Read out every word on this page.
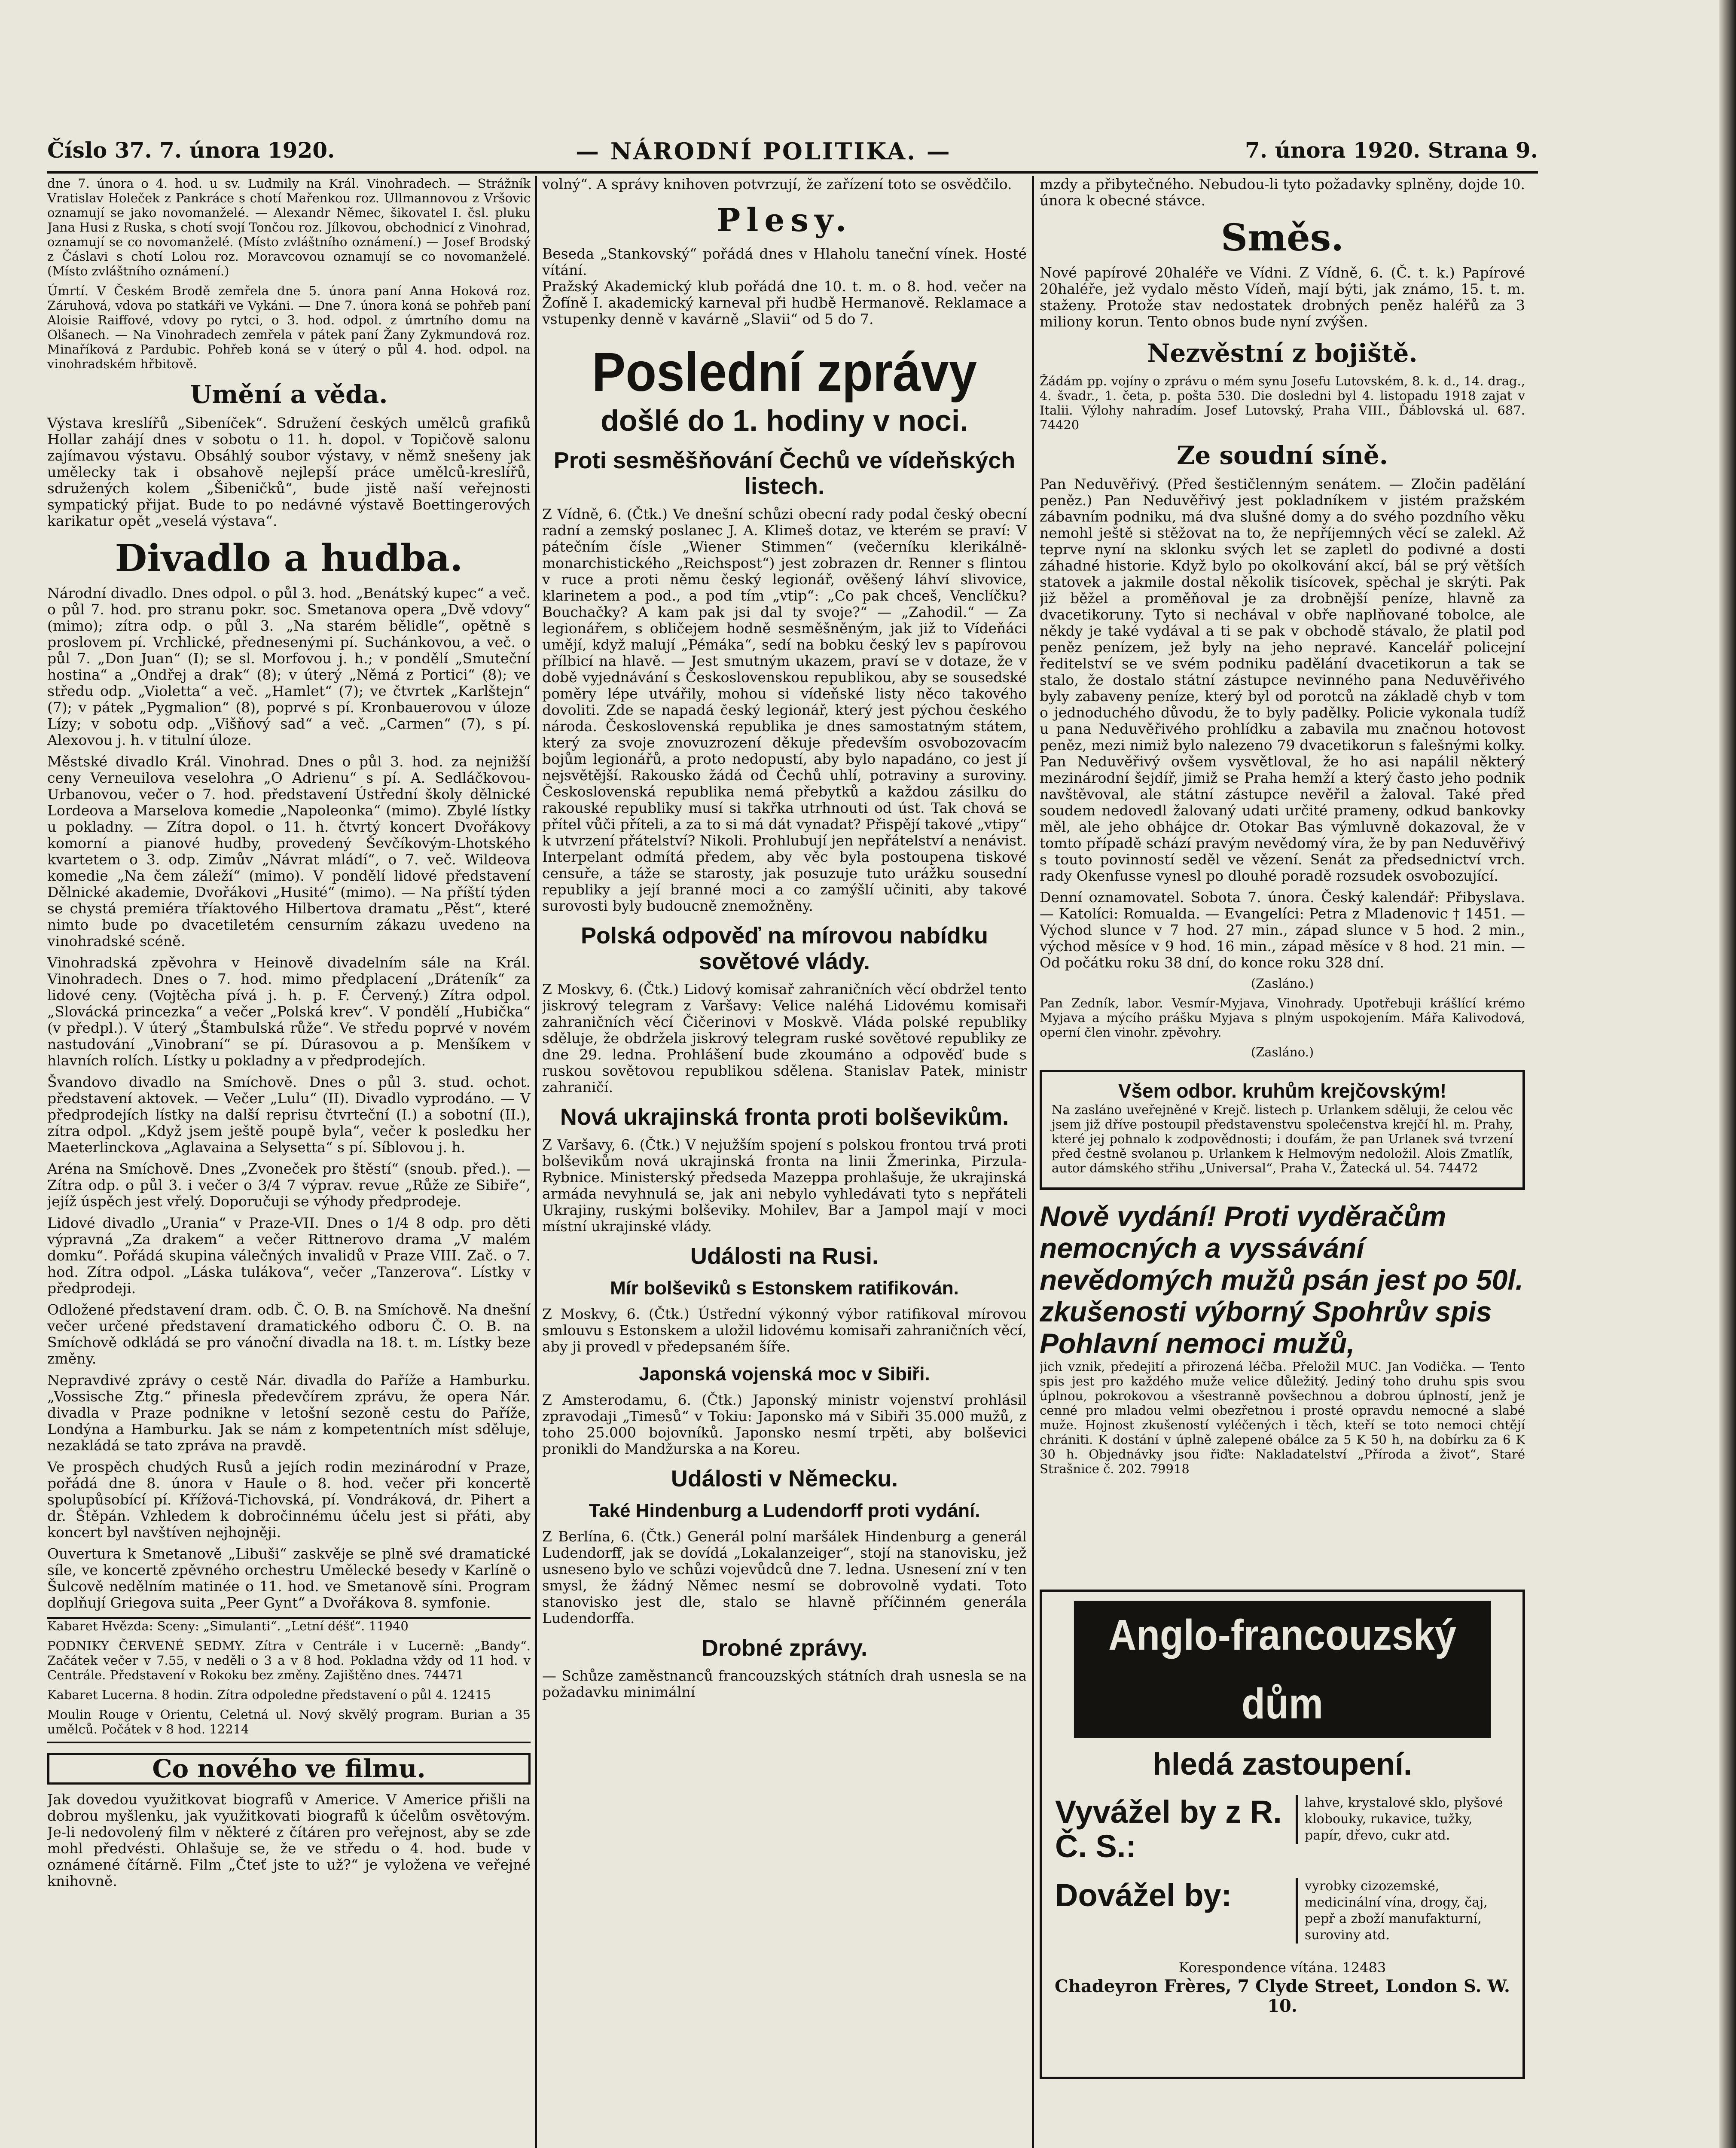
Číslo 37. 7. února 1920.	— NÁRODNÍ POLITIKA. —	7. února 1920. Strana 9.

dne 7. února o 4. hod. u sv. Ludmily na Král. Vinohradech. — Strážník Vratislav Holeček z Pankráce s chotí Mařenkou roz. Ullmannovou z Vršovic oznamují se jako novomanželé. — Alexandr Němec, šikovatel I. čsl. pluku Jana Husi z Ruska, s chotí svojí Tončou roz. Jílkovou, obchodnicí z Vinohrad, oznamují se co novomanželé. (Místo zvláštního oznámení.) — Josef Brodský z Čáslavi s chotí Lolou roz. Moravcovou oznamují se co novomanželé. (Místo zvláštního oznámení.)

Úmrtí. V Českém Brodě zemřela dne 5. února paní Anna Hoková roz. Záruhová, vdova po statkáři ve Vykáni. — Dne 7. února koná se pohřeb paní Aloisie Raiffové, vdovy po rytci, o 3. hod. odpol. z úmrtního domu na Olšanech. — Na Vinohradech zemřela v pátek paní Žany Zykmundová roz. Minaříková z Pardubic. Pohřeb koná se v úterý o půl 4. hod. odpol. na vinohradském hřbitově.

Umění a věda.

Výstava kreslířů „Sibeníček“. Sdružení českých umělců grafiků Hollar zahájí dnes v sobotu o 11. h. dopol. v Topičově salonu zajímavou výstavu. Obsáhlý soubor výstavy, v němž snešeny jak umělecky tak i obsahově nejlepší práce umělců-kreslířů, sdružených kolem „Šibeničků“, bude jistě naší veřejnosti sympatický přijat. Bude to po nedávné výstavě Boettingerových karikatur opět „veselá výstava“.

Divadlo a hudba.

Národní divadlo. Dnes odpol. o půl 3. hod. „Benátský kupec“ a več. o půl 7. hod. pro stranu pokr. soc. Smetanova opera „Dvě vdovy“ (mimo); zítra odp. o půl 3. „Na starém bělidle“, opětně s proslovem pí. Vrchlické, přednesenými pí. Suchánkovou, a več. o půl 7. „Don Juan“ (I); se sl. Morfovou j. h.; v pondělí „Smuteční hostina“ a „Ondřej a drak“ (8); v úterý „Němá z Portici“ (8); ve středu odp. „Violetta“ a več. „Hamlet“ (7); ve čtvrtek „Karlštejn“ (7); v pátek „Pygmalion“ (8), poprvé s pí. Kronbauerovou v úloze Lízy; v sobotu odp. „Višňový sad“ a več. „Carmen“ (7), s pí. Alexovou j. h. v titulní úloze.

Městské divadlo Král. Vinohrad. Dnes o půl 3. hod. za nejnižší ceny Verneuilova veselohra „O Adrienu“ s pí. A. Sedláčkovou-Urbanovou, večer o 7. hod. představení Ústřední školy dělnické Lordeova a Marselova komedie „Napoleonka“ (mimo). Zbylé lístky u pokladny. — Zítra dopol. o 11. h. čtvrtý koncert Dvořákovy komorní a pianové hudby, provedený Ševčíkovým-Lhotského kvartetem o 3. odp. Zimův „Návrat mládí“, o 7. več. Wildeova komedie „Na čem záleží“ (mimo). V pondělí lidové představení Dělnické akademie, Dvořákovi „Husité“ (mimo). — Na příští týden se chystá premiéra tříaktového Hilbertova dramatu „Pěst“, které nimto bude po dvacetiletém censurním zákazu uvedeno na vinohradské scéně.

Vinohradská zpěvohra v Heinově divadelním sále na Král. Vinohradech. Dnes o 7. hod. mimo předplacení „Dráteník“ za lidové ceny. (Vojtěcha pívá j. h. p. F. Červený.) Zítra odpol. „Slovácká princezka“ a večer „Polská krev“. V pondělí „Hubička“ (v předpl.). V úterý „Štambulská růže“. Ve středu poprvé v novém nastudování „Vinobraní“ se pí. Dúrasovou a p. Menšíkem v hlavních rolích. Lístky u pokladny a v předprodejích.

Švandovo divadlo na Smíchově. Dnes o půl 3. stud. ochot. představení aktovek. — Večer „Lulu“ (II). Divadlo vyprodáno. — V předprodejích lístky na další reprisu čtvrteční (I.) a sobotní (II.), zítra odpol. „Když jsem ještě poupě byla“, večer k posledku her Maeterlinckova „Aglavaina a Selysetta“ s pí. Síblovou j. h.

Aréna na Smíchově. Dnes „Zvoneček pro štěstí“ (snoub. před.). — Zítra odp. o půl 3. i večer o 3/4 7 výprav. revue „Růže ze Sibiře“, jejíž úspěch jest vřelý. Doporučuji se výhody předprodeje.

Lidové divadlo „Urania“ v Praze-VII. Dnes o 1/4 8 odp. pro děti výpravná „Za drakem“ a večer Rittnerovo drama „V malém domku“. Pořádá skupina válečných invalidů v Praze VIII. Zač. o 7. hod. Zítra odpol. „Láska tulákova“, večer „Tanzerova“. Lístky v předprodeji.

Odložené představení dram. odb. Č. O. B. na Smíchově. Na dnešní večer určené představení dramatického odboru Č. O. B. na Smíchově odkládá se pro vánoční divadla na 18. t. m. Lístky beze změny.

Nepravdivé zprávy o cestě Nár. divadla do Paříže a Hamburku. „Vossische Ztg.“ přinesla předevčírem zprávu, že opera Nár. divadla v Praze podnikne v letošní sezoně cestu do Paříže, Londýna a Hamburku. Jak se nám z kompetentních míst sděluje, nezakládá se tato zpráva na pravdě.

Ve prospěch chudých Rusů a jejích rodin mezinárodní v Praze, pořádá dne 8. února v Haule o 8. hod. večer při koncertě spolupůsobící pí. Křížová-Tichovská, pí. Vondráková, dr. Pihert a dr. Štěpán. Vzhledem k dobročinnému účelu jest si přáti, aby koncert byl navštíven nejhojněji.

Ouvertura k Smetanově „Libuši“ zaskvěje se plně své dramatické síle, ve koncertě zpěvného orchestru Umělecké besedy v Karlíně o Šulcově nedělním matinée o 11. hod. ve Smetanově síni. Program doplňují Griegova suita „Peer Gynt“ a Dvořákova 8. symfonie.

Kabaret Hvězda: Sceny: „Simulanti“. „Letní déšť“. 11940

PODNIKY ČERVENÉ SEDMY. Zítra v Centrále i v Lucerně: „Bandy“. Začátek večer v 7.55, v neděli o 3 a v 8 hod. Pokladna vždy od 11 hod. v Centrále. Představení v Rokoku bez změny. Zajištěno dnes. 74471

Kabaret Lucerna. 8 hodin. Zítra odpoledne představení o půl 4. 12415

Moulin Rouge v Orientu, Celetná ul. Nový skvělý program. Burian a 35 umělců. Počátek v 8 hod. 12214

Co nového ve filmu.

Jak dovedou využitkovat biografů v Americe. V Americe přišli na dobrou myšlenku, jak využitkovati biografů k účelům osvětovým. Je-li nedovolený film v některé z čítáren pro veřejnost, aby se zde mohl předvésti. Ohlašuje se, že ve středu o 4. hod. bude v oznámené čítárně. Film „Čteť jste to už?“ je vyložena ve veřejné knihovně.

volný“. A správy knihoven potvrzují, že zařízení toto se osvědčilo.

Plesy.

Beseda „Stankovský“ pořádá dnes v Hlaholu taneční vínek. Hosté vítání.
Pražský Akademický klub pořádá dne 10. t. m. o 8. hod. večer na Žofíně I. akademický karneval při hudbě Hermanově. Reklamace a vstupenky denně v kavárně „Slavii“ od 5 do 7.

Poslední zprávy
došlé do 1. hodiny v noci.
Proti sesměšňování Čechů ve vídeňských listech.

Z Vídně, 6. (Čtk.) Ve dnešní schůzi obecní rady podal český obecní radní a zemský poslanec J. A. Klimeš dotaz, ve kterém se praví: V pátečním čísle „Wiener Stimmen“ (večerníku klerikálně-monarchistického „Reichspost“) jest zobrazen dr. Renner s flintou v ruce a proti němu český legionář, ověšený láhví slivovice, klarinetem a pod., a pod tím „vtip“: „Co pak chceš, Venclíčku? Bouchačky? A kam pak jsi dal ty svoje?“ — „Zahodil.“ — Za legionářem, s obličejem hodně sesměšněným, jak již to Vídeňáci umějí, když malují „Pémáka“, sedí na bobku český lev s papírovou přílbicí na hlavě. — Jest smutným ukazem, praví se v dotaze, že v době vyjednávání s Československou republikou, aby se sousedské poměry lépe utvářily, mohou si vídeňské listy něco takového dovoliti. Zde se napadá český legionář, který jest pýchou českého národa. Československá republika je dnes samostatným státem, který za svoje znovuzrození děkuje především osvobozovacím bojům legionářů, a proto nedopustí, aby bylo napadáno, co jest jí nejsvětější. Rakousko žádá od Čechů uhlí, potraviny a suroviny. Československá republika nemá přebytků a každou zásilku do rakouské republiky musí si takřka utrhnouti od úst. Tak chová se přítel vůči příteli, a za to si má dát vynadat? Přispějí takové „vtipy“ k utvrzení přátelství? Nikoli. Prohlubují jen nepřátelství a nenávist. Interpelant odmítá předem, aby věc byla postoupena tiskové censuře, a táže se starosty, jak posuzuje tuto urážku sousední republiky a její branné moci a co zamýšlí učiniti, aby takové surovosti byly budoucně znemožněny.

Polská odpověď na mírovou nabídku sovětové vlády.

Z Moskvy, 6. (Čtk.) Lidový komisař zahraničních věcí obdržel tento jiskrový telegram z Varšavy: Velice naléhá Lidovému komisaři zahraničních věcí Čičerinovi v Moskvě. Vláda polské republiky sděluje, že obdržela jiskrový telegram ruské sovětové republiky ze dne 29. ledna. Prohlášení bude zkoumáno a odpověď bude s ruskou sovětovou republikou sdělena. Stanislav Patek, ministr zahraničí.

Nová ukrajinská fronta proti bolševikům.

Z Varšavy, 6. (Čtk.) V nejužším spojení s polskou frontou trvá proti bolševikům nová ukrajinská fronta na linii Žmerinka, Pirzula-Rybnice. Ministerský předseda Mazeppa prohlašuje, že ukrajinská armáda nevyhnulá se, jak ani nebylo vyhledávati tyto s nepřáteli Ukrajiny, ruskými bolševiky. Mohilev, Bar a Jampol mají v moci místní ukrajinské vlády.

Události na Rusi.
Mír bolševiků s Estonskem ratifikován.

Z Moskvy, 6. (Čtk.) Ústřední výkonný výbor ratifikoval mírovou smlouvu s Estonskem a uložil lidovému komisaři zahraničních věcí, aby ji provedl v předepsaném šíře.

Japonská vojenská moc v Sibiři.

Z Amsterodamu, 6. (Čtk.) Japonský ministr vojenství prohlásil zpravodaji „Timesů“ v Tokiu: Japonsko má v Sibiři 35.000 mužů, z toho 25.000 bojovníků. Japonsko nesmí trpěti, aby bolševici pronikli do Mandžurska a na Koreu.

Události v Německu.
Také Hindenburg a Ludendorff proti vydání.

Z Berlína, 6. (Čtk.) Generál polní maršálek Hindenburg a generál Ludendorff, jak se dovídá „Lokalanzeiger“, stojí na stanovisku, jež usneseno bylo ve schůzi vojevůdců dne 7. ledna. Usnesení zní v ten smysl, že žádný Němec nesmí se dobrovolně vydati. Toto stanovisko jest dle, stalo se hlavně příčinném generála Ludendorffa.

Drobné zprávy.

— Schůze zaměstnanců francouzských státních drah usnesla se na požadavku minimální

mzdy a přibytečného. Nebudou-li tyto požadavky splněny, dojde 10. února k obecné stávce.

Směs.

Nové papírové 20haléře ve Vídni. Z Vídně, 6. (Č. t. k.) Papírové 20haléře, jež vydalo město Vídeň, mají býti, jak známo, 15. t. m. staženy. Protože stav nedostatek drobných peněz haléřů za 3 miliony korun. Tento obnos bude nyní zvýšen.

Nezvěstní z bojiště.

Žádám pp. vojíny o zprávu o mém synu Josefu Lutovském, 8. k. d., 14. drag., 4. švadr., 1. četa, p. pošta 530. Die dosledni byl 4. listopadu 1918 zajat v Italii. Výlohy nahradím. Josef Lutovský, Praha VIII., Ďáblovská ul. 687. 74420

Ze soudní síně.

Pan Neduvěřivý. (Před šestičlenným senátem. — Zločin padělání peněz.) Pan Neduvěřivý jest pokladníkem v jistém pražském zábavním podniku, má dva slušné domy a do svého pozdního věku nemohl ještě si stěžovat na to, že nepříjemných věcí se zalekl. Až teprve nyní na sklonku svých let se zapletl do podivné a dosti záhadné historie. Když bylo po okolkování akcí, bál se prý větších statovek a jakmile dostal několik tisícovek, spěchal je skrýti. Pak již běžel a proměňoval je za drobnější peníze, hlavně za dvacetikoruny. Tyto si nechával v obře naplňované tobolce, ale někdy je také vydával a ti se pak v obchodě stávalo, že platil pod peněz penízem, jež byly na jeho nepravé. Kancelář policejní ředitelství se ve svém podniku padělání dvacetikorun a tak se stalo, že dostalo státní zástupce nevinného pana Neduvěřivého byly zabaveny peníze, který byl od porotců na základě chyb v tom o jednoduchého důvodu, že to byly padělky. Policie vykonala tudíž u pana Neduvěřivého prohlídku a zabavila mu značnou hotovost peněz, mezi nimiž bylo nalezeno 79 dvacetikorun s falešnými kolky. Pan Neduvěřivý ovšem vysvětloval, že ho asi napálil některý mezinárodní šejdíř, jimiž se Praha hemží a který často jeho podnik navštěvoval, ale státní zástupce nevěřil a žaloval. Také před soudem nedovedl žalovaný udati určité prameny, odkud bankovky měl, ale jeho obhájce dr. Otokar Bas výmluvně dokazoval, že v tomto případě schází pravým nevědomý víra, že by pan Neduvěřivý s touto povinností seděl ve vězení. Senát za předsednictví vrch. rady Okenfusse vynesl po dlouhé poradě rozsudek osvobozující.

Denní oznamovatel. Sobota 7. února. Český kalendář: Přibyslava. — Katolíci: Romualda. — Evangelíci: Petra z Mladenovic † 1451. — Východ slunce v 7 hod. 27 min., západ slunce v 5 hod. 2 min., východ měsíce v 9 hod. 16 min., západ měsíce v 8 hod. 21 min. — Od počátku roku 38 dní, do konce roku 328 dní.

(Zasláno.)

Pan Zedník, labor. Vesmír-Myjava, Vinohrady. Upotřebuji krášlící krémo Myjava a mýcího prášku Myjava s plným uspokojením. Mářa Kalivodová, operní člen vinohr. zpěvohry.

(Zasláno.)

Všem odbor. kruhům krejčovským!

Na zasláno uveřejněné v Krejč. listech p. Urlankem sděluji, že celou věc jsem již dříve postoupil představenstvu společenstva krejčí hl. m. Prahy, které jej pohnalo k zodpovědnosti; i doufám, že pan Urlanek svá tvrzení před čestně svolanou p. Urlankem k Helmovým nedoložil. Alois Zmatlík, autor dámského střihu „Universal“, Praha V., Žatecká ul. 54. 74472

Nově vydání! Proti vyděračům nemocných a vyssávání nevědomých mužů psán jest po 50l. zkušenosti výborný Spohrův spis Pohlavní nemoci mužů,

jich vznik, předejití a přirozená léčba. Přeložil MUC. Jan Vodička. — Tento spis jest pro každého muže velice důležitý. Jediný toho druhu spis svou úplnou, pokrokovou a všestranně povšechnou a dobrou úplností, jenž je cenné pro mladou velmi obezřetnou i prosté opravdu nemocné a slabé muže. Hojnost zkušeností vyléčených i těch, kteří se toto nemoci chtějí chrániti. K dostání v úplně zalepené obálce za 5 K 50 h, na dobírku za 6 K 30 h. Objednávky jsou řiďte: Nakladatelství „Příroda a život“, Staré Strašnice č. 202. 79918

Anglo-francouzský dům
hledá zastoupení.
Vyvážel by z R. Č. S.:
lahve, krystalové sklo, plyšové klobouky, rukavice, tužky, papír, dřevo, cukr atd.
Dovážel by:	vyrobky cizozemské, medicinální vína, drogy, čaj, pepř a zboží manufakturní, suroviny atd.
Korespondence vítána. 12483
Chadeyron Frères, 7 Clyde Street, London S. W. 10.
